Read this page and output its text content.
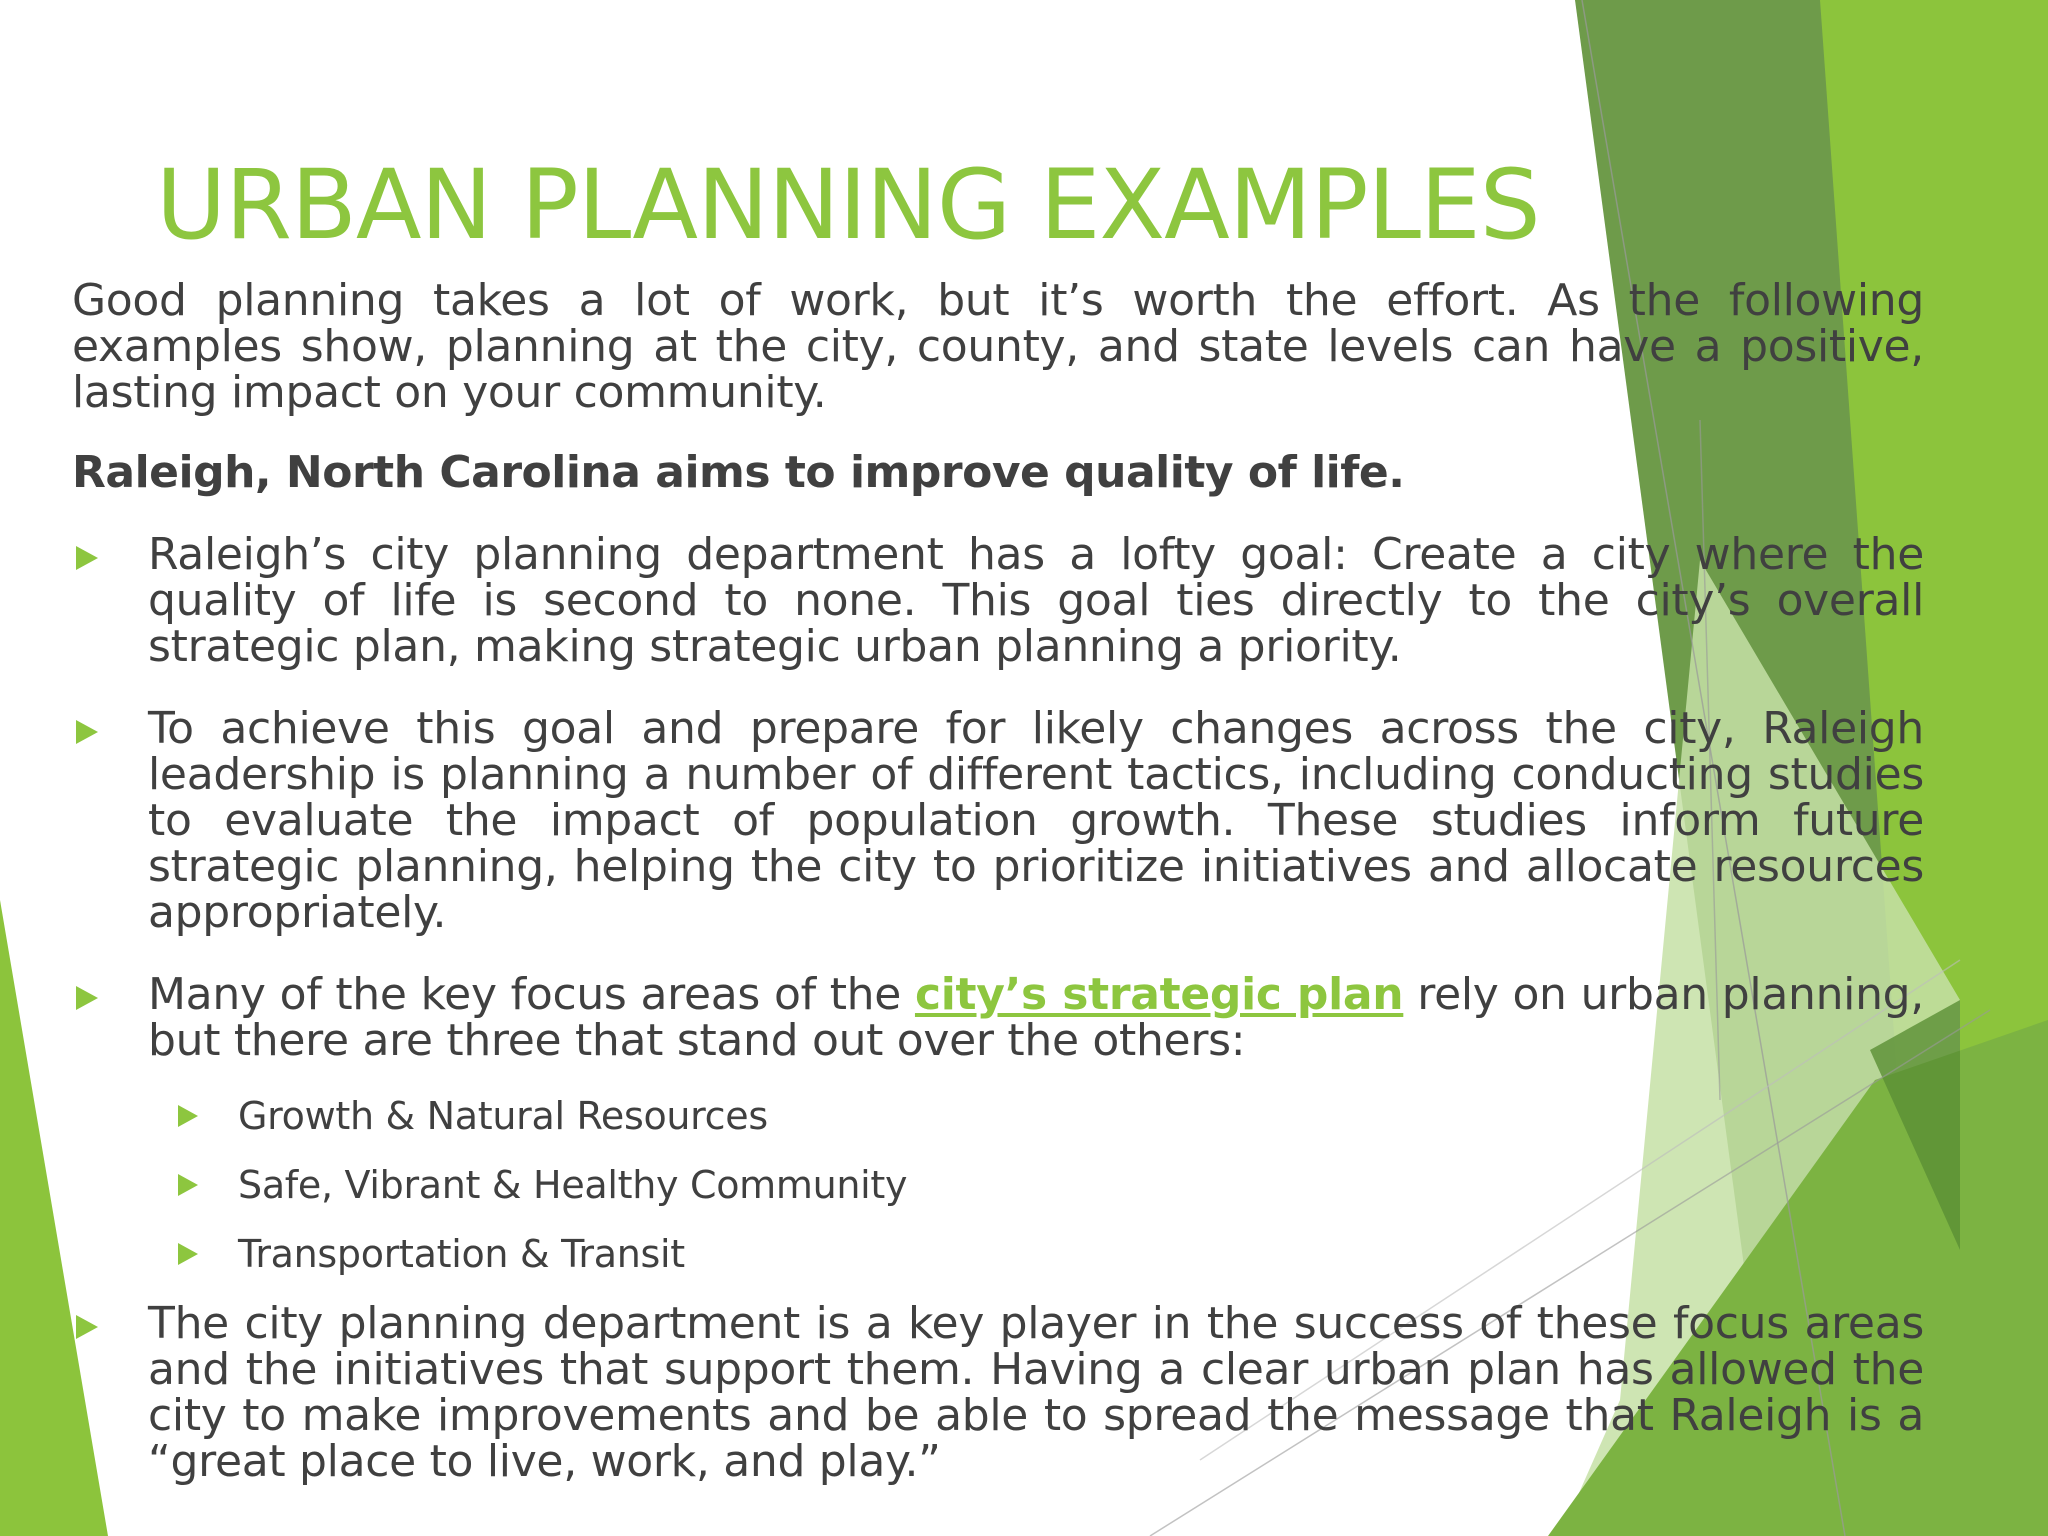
URBAN PLANNING EXAMPLES

Good planning takes a lot of work, but it’s worth the effort. As the following examples show, planning at the city, county, and state levels can have a positive, lasting impact on your community.

Raleigh, North Carolina aims to improve quality of life.

Raleigh’s city planning department has a lofty goal: Create a city where the quality of life is second to none. This goal ties directly to the city’s overall strategic plan, making strategic urban planning a priority.

To achieve this goal and prepare for likely changes across the city, Raleigh leadership is planning a number of different tactics, including conducting studies to evaluate the impact of population growth. These studies inform future strategic planning, helping the city to prioritize initiatives and allocate resources appropriately.

Many of the key focus areas of the city’s strategic plan rely on urban planning, but there are three that stand out over the others:

Growth & Natural Resources
Safe, Vibrant & Healthy Community
Transportation & Transit

The city planning department is a key player in the success of these focus areas and the initiatives that support them. Having a clear urban plan has allowed the city to make improvements and be able to spread the message that Raleigh is a “great place to live, work, and play.”
